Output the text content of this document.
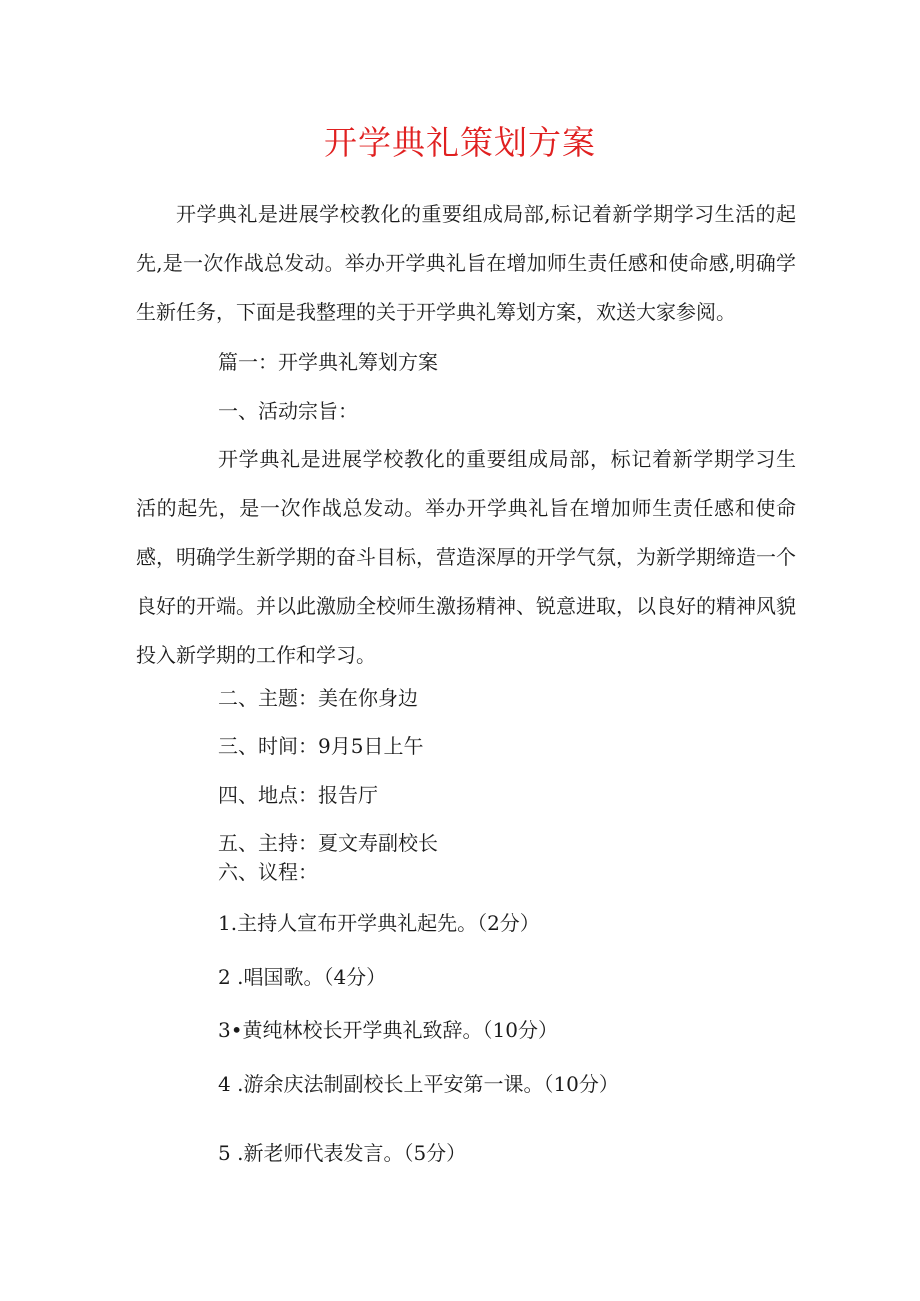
开学典礼策划方案
开学典礼是进展学校教化的重要组成局部,标记着新学期学习生活的起先,是一次作战总发动。举办开学典礼旨在增加师生责任感和使命感,明确学生新任务，下面是我整理的关于开学典礼筹划方案，欢送大家参阅。
篇一：开学典礼筹划方案
一、活动宗旨：
开学典礼是进展学校教化的重要组成局部，标记着新学期学习生活的起先，是一次作战总发动。举办开学典礼旨在增加师生责任感和使命感，明确学生新学期的奋斗目标，营造深厚的开学气氛，为新学期缔造一个良好的开端。并以此激励全校师生激扬精神、锐意进取，以良好的精神风貌投入新学期的工作和学习。
二、主题：美在你身边
三、时间：9月5日上午
四、地点：报告厅
五、主持：夏文寿副校长
六、议程：
1.主持人宣布开学典礼起先。（2分）
2 .唱国歌。（4分）
3•黄纯林校长开学典礼致辞。（10分）
4 .游余庆法制副校长上平安第一课。（10分）
5 .新老师代表发言。（5分）
